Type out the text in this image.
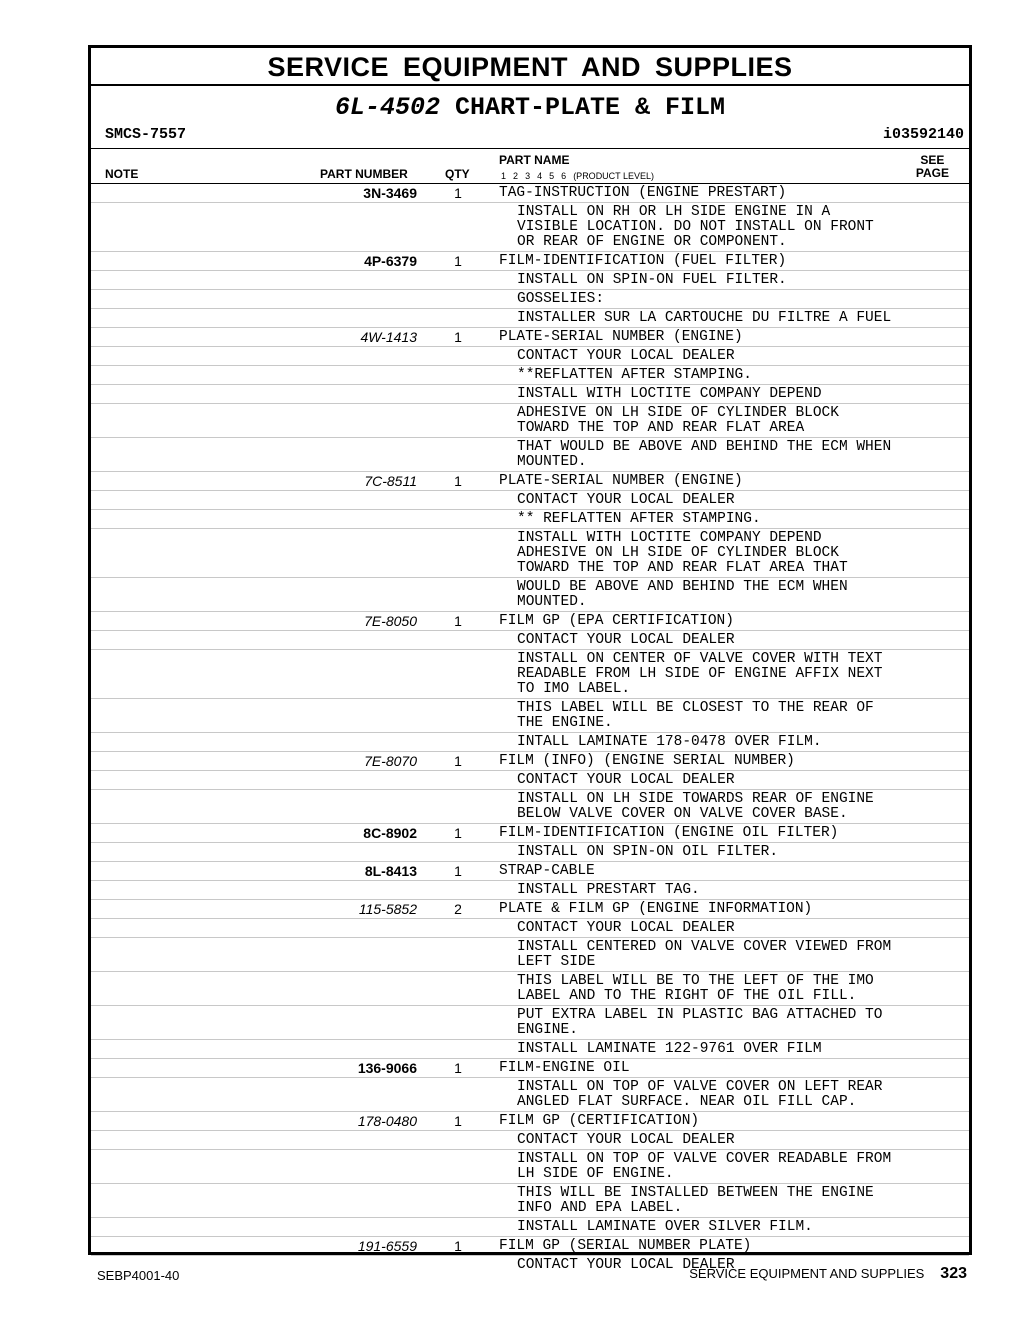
SERVICE EQUIPMENT AND SUPPLIES
6L-4502 CHART-PLATE & FILM
SMCS-7557	i03592140
NOTE	PART NUMBER	QTY
PART NAME
1 2 3 4 5 6 (PRODUCT LEVEL)
SEE
PAGE
3N-3469	1	TAG-INSTRUCTION (ENGINE PRESTART)
INSTALL ON RH OR LH SIDE ENGINE IN A
VISIBLE LOCATION. DO NOT INSTALL ON FRONT
OR REAR OF ENGINE OR COMPONENT.
4P-6379	1	FILM-IDENTIFICATION (FUEL FILTER)
INSTALL ON SPIN-ON FUEL FILTER.
GOSSELIES:
INSTALLER SUR LA CARTOUCHE DU FILTRE A FUEL
4W-1413	1	PLATE-SERIAL NUMBER (ENGINE)
CONTACT YOUR LOCAL DEALER
**REFLATTEN AFTER STAMPING.
INSTALL WITH LOCTITE COMPANY DEPEND
ADHESIVE ON LH SIDE OF CYLINDER BLOCK
TOWARD THE TOP AND REAR FLAT AREA
THAT WOULD BE ABOVE AND BEHIND THE ECM WHEN
MOUNTED.
7C-8511	1	PLATE-SERIAL NUMBER (ENGINE)
CONTACT YOUR LOCAL DEALER
** REFLATTEN AFTER STAMPING.
INSTALL WITH LOCTITE COMPANY DEPEND
ADHESIVE ON LH SIDE OF CYLINDER BLOCK
TOWARD THE TOP AND REAR FLAT AREA THAT
WOULD BE ABOVE AND BEHIND THE ECM WHEN
MOUNTED.
7E-8050	1	FILM GP (EPA CERTIFICATION)
CONTACT YOUR LOCAL DEALER
INSTALL ON CENTER OF VALVE COVER WITH TEXT
READABLE FROM LH SIDE OF ENGINE AFFIX NEXT
TO IMO LABEL.
THIS LABEL WILL BE CLOSEST TO THE REAR OF
THE ENGINE.
INTALL LAMINATE 178-0478 OVER FILM.
7E-8070	1	FILM (INFO) (ENGINE SERIAL NUMBER)
CONTACT YOUR LOCAL DEALER
INSTALL ON LH SIDE TOWARDS REAR OF ENGINE
BELOW VALVE COVER ON VALVE COVER BASE.
8C-8902	1	FILM-IDENTIFICATION (ENGINE OIL FILTER)
INSTALL ON SPIN-ON OIL FILTER.
8L-8413	1	STRAP-CABLE
INSTALL PRESTART TAG.
115-5852	2	PLATE & FILM GP (ENGINE INFORMATION)
CONTACT YOUR LOCAL DEALER
INSTALL CENTERED ON VALVE COVER VIEWED FROM
LEFT SIDE
THIS LABEL WILL BE TO THE LEFT OF THE IMO
LABEL AND TO THE RIGHT OF THE OIL FILL.
PUT EXTRA LABEL IN PLASTIC BAG ATTACHED TO
ENGINE.
INSTALL LAMINATE 122-9761 OVER FILM
136-9066	1	FILM-ENGINE OIL
INSTALL ON TOP OF VALVE COVER ON LEFT REAR
ANGLED FLAT SURFACE. NEAR OIL FILL CAP.
178-0480	1	FILM GP (CERTIFICATION)
CONTACT YOUR LOCAL DEALER
INSTALL ON TOP OF VALVE COVER READABLE FROM
LH SIDE OF ENGINE.
THIS WILL BE INSTALLED BETWEEN THE ENGINE
INFO AND EPA LABEL.
INSTALL LAMINATE OVER SILVER FILM.
191-6559	1	FILM GP (SERIAL NUMBER PLATE)
CONTACT YOUR LOCAL DEALER
SEBP4001-40	SERVICE EQUIPMENT AND SUPPLIES 323
